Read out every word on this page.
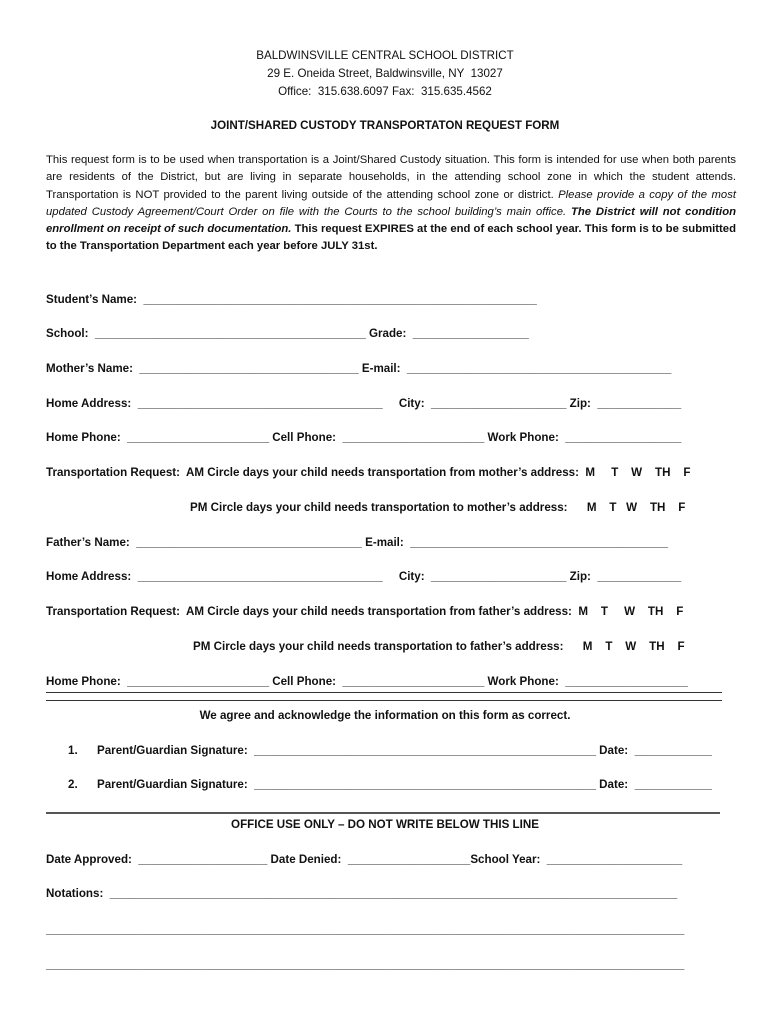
BALDWINSVILLE CENTRAL SCHOOL DISTRICT
29 E. Oneida Street, Baldwinsville, NY  13027
Office:  315.638.6097 Fax:  315.635.4562
JOINT/SHARED CUSTODY TRANSPORTATON REQUEST FORM
This request form is to be used when transportation is a Joint/Shared Custody situation. This form is intended for use when both parents are residents of the District, but are living in separate households, in the attending school zone in which the student attends. Transportation is NOT provided to the parent living outside of the attending school zone or district. Please provide a copy of the most updated Custody Agreement/Court Order on file with the Courts to the school building’s main office. The District will not condition enrollment on receipt of such documentation. This request EXPIRES at the end of each school year. This form is to be submitted to the Transportation Department each year before JULY 31st.
Student’s Name:  _____________________________________________________________
School:  __________________________________________ Grade:  __________________
Mother’s Name:  __________________________________ E-mail:  _________________________________________
Home Address:  ______________________________________     City:  _____________________ Zip:  _____________
Home Phone:  ______________________ Cell Phone:  ______________________ Work Phone:  __________________
Transportation Request:  AM Circle days your child needs transportation from mother’s address:  M     T    W    TH    F
PM Circle days your child needs transportation to mother’s address:      M    T   W    TH    F
Father’s Name:  ___________________________________ E-mail:  ________________________________________
Home Address:  ______________________________________     City:  _____________________ Zip:  _____________
Transportation Request:  AM Circle days your child needs transportation from father’s address:  M    T     W    TH    F
PM Circle days your child needs transportation to father’s address:      M    T    W    TH    F
Home Phone:  ______________________ Cell Phone:  ______________________ Work Phone:  ___________________
We agree and acknowledge the information on this form as correct.
1.      Parent/Guardian Signature:  _____________________________________________________ Date:  ____________
2.      Parent/Guardian Signature:  _____________________________________________________ Date:  ____________
OFFICE USE ONLY – DO NOT WRITE BELOW THIS LINE
Date Approved:  ____________________ Date Denied:  ___________________School Year:  _____________________
Notations:  ________________________________________________________________________________________
___________________________________________________________________________________________________
___________________________________________________________________________________________________
